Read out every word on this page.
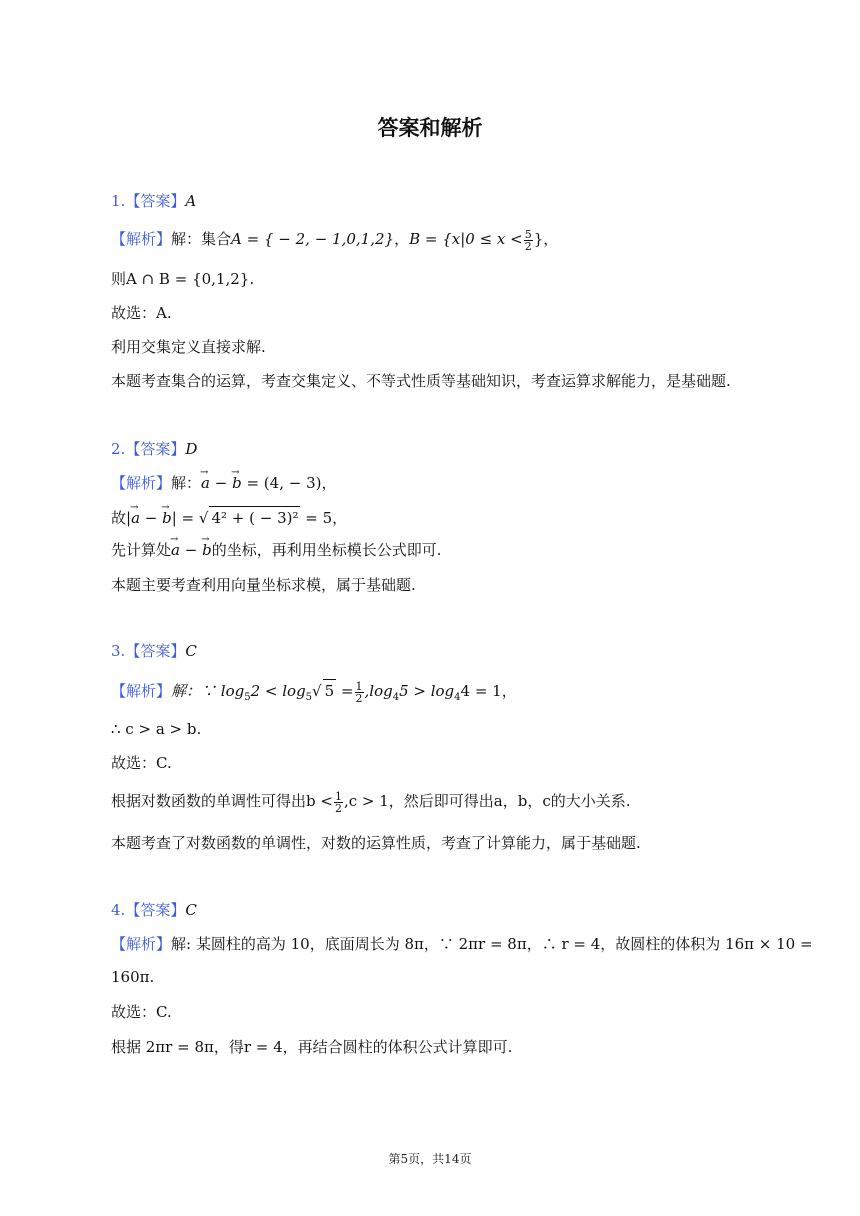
答案和解析
1.【答案】A
【解析】解：集合A = { − 2, − 1,0,1,2}，$B = \{x|0 \le x < \frac{5}{2}$ }，
则A ∩ B = {0,1,2}.
故选：A.
利用交集定义直接求解.
本题考查集合的运算，考查交集定义、不等式性质等基础知识，考查运算求解能力，是基础题.
2.【答案】D
【解析】解：→ a − → b = (4, − 3)，
故|→ a − → b| = √ 4² + ( − 3)² = 5，
先计算处→ a − → b的坐标，再利用坐标模长公式即可.
本题主要考查利用向量坐标求模，属于基础题.
3.【答案】C
【解析】解：∵ $\log_52 < \log_5√$ $5 = \frac{1}{2} ,\log_45 > \log_44 = 1$，
∴ c > a > b.
故选：C.
根据对数函数的单调性可得出$b < \frac{1}{2} ,c > 1$，然后即可得出a，b，c的大小关系.
本题考查了对数函数的单调性，对数的运算性质，考查了计算能力，属于基础题.
4.【答案】C
【解析】解: 某圆柱的高为 10，底面周长为 8π，∵ 2πr = 8π，∴ r = 4，故圆柱的体积为 16π × 10 =
160π.
故选：C.
根据 2πr = 8π，得r = 4，再结合圆柱的体积公式计算即可.
第5页，共14页
